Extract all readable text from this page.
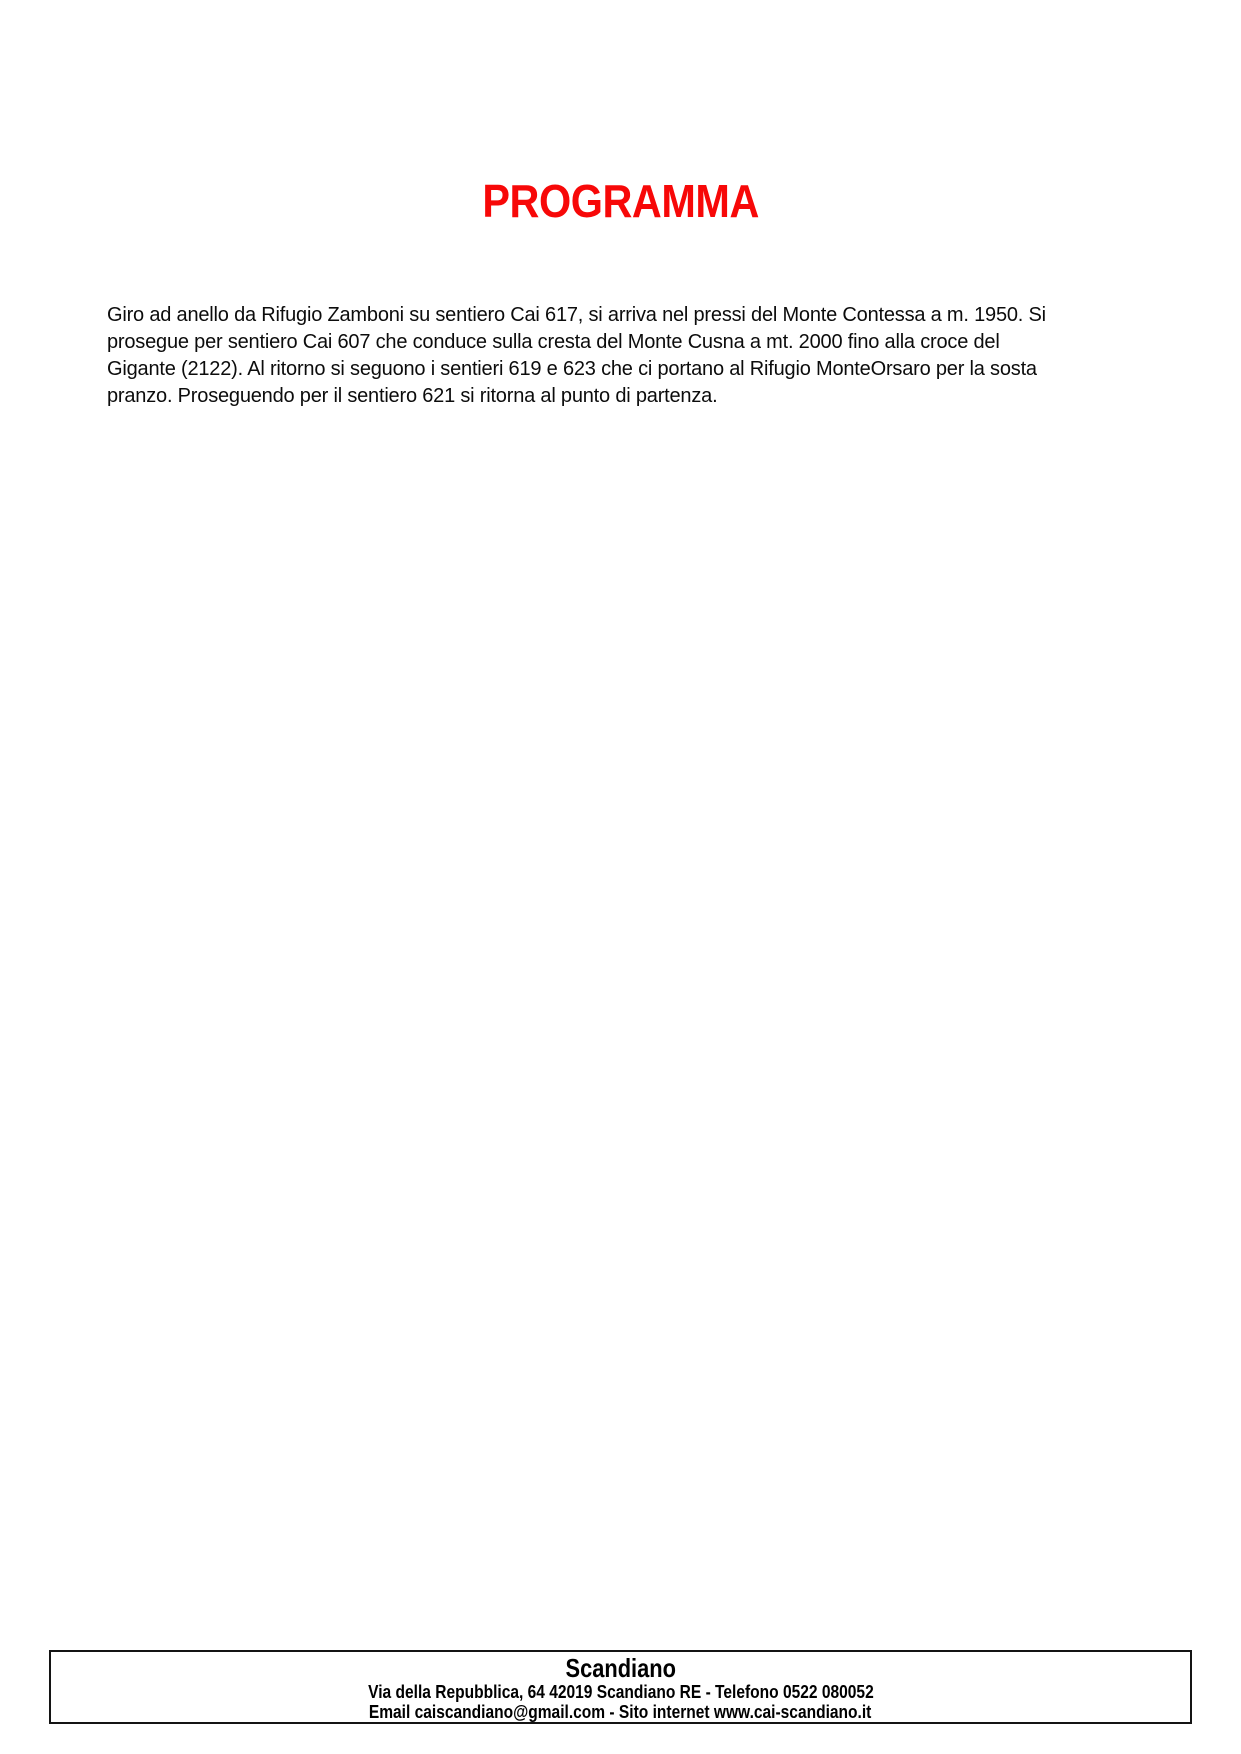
PROGRAMMA
Giro ad anello da Rifugio Zamboni su sentiero Cai 617, si arriva nel pressi del Monte Contessa a m. 1950. Si
prosegue per sentiero Cai 607 che conduce sulla cresta del Monte Cusna a mt. 2000 fino alla croce del
Gigante (2122). Al ritorno si seguono i sentieri 619 e 623 che ci portano al Rifugio MonteOrsaro per la sosta
pranzo. Proseguendo per il sentiero 621 si ritorna al punto di partenza.
Scandiano
Via della Repubblica, 64 42019 Scandiano RE - Telefono 0522 080052
Email caiscandiano@gmail.com - Sito internet www.cai-scandiano.it
